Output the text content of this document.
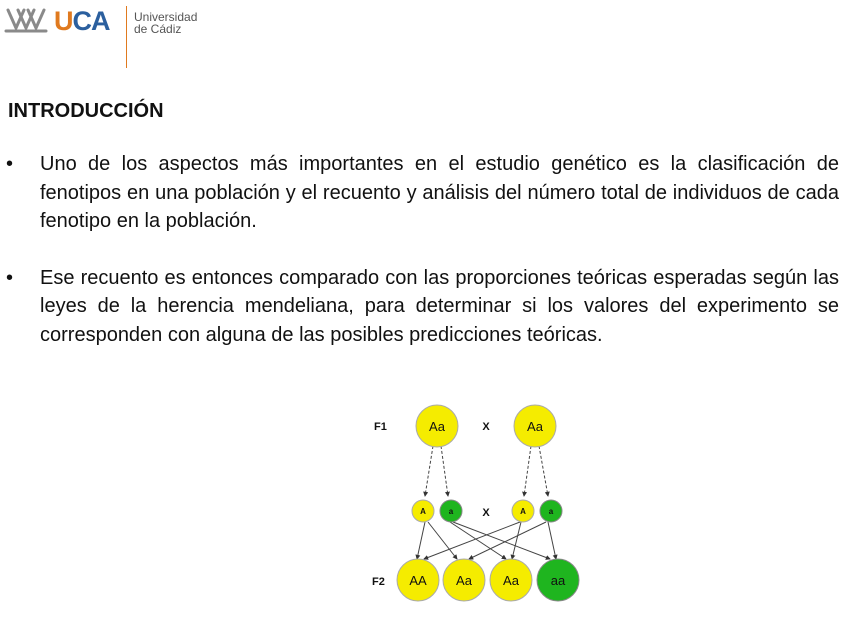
UCA Universidad
de Cádiz
INTRODUCCIÓN
• Uno de los aspectos más importantes en el estudio genético es la clasificación de fenotipos en una población y el recuento y análisis del número total de individuos de cada fenotipo en la población.
• Ese recuento es entonces comparado con las proporciones teóricas esperadas según las leyes de la herencia mendeliana, para determinar si los valores del experimento se corresponden con alguna de las posibles predicciones teóricas.
F1
F2
X
X
Aa	Aa
A	a	A	a
AA Aa Aa aa
